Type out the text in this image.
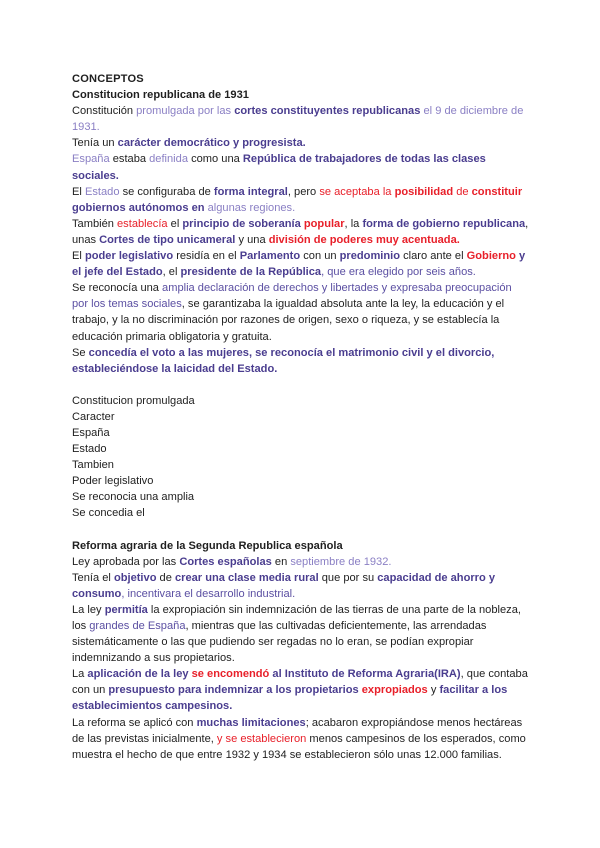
CONCEPTOS

Constitucion republicana de 1931

Constitución promulgada por las cortes constituyentes republicanas el 9 de diciembre de 1931.

Tenía un carácter democrático y progresista.

España estaba definida como una República de trabajadores de todas las clases sociales.

El Estado se configuraba de forma integral, pero se aceptaba la posibilidad de constituir gobiernos autónomos en algunas regiones.

También establecía el principio de soberanía popular, la forma de gobierno republicana, unas Cortes de tipo unicameral y una división de poderes muy acentuada.

El poder legislativo residía en el Parlamento con un predominio claro ante el Gobierno y el jefe del Estado, el presidente de la República, que era elegido por seis años.

Se reconocía una amplia declaración de derechos y libertades y expresaba preocupación por los temas sociales, se garantizaba la igualdad absoluta ante la ley, la educación y el trabajo, y la no discriminación por razones de origen, sexo o riqueza, y se establecía la educación primaria obligatoria y gratuita.

Se concedía el voto a las mujeres, se reconocía el matrimonio civil y el divorcio, estableciéndose la laicidad del Estado.

Constitucion promulgada

Caracter

España

Estado

Tambien

Poder legislativo

Se reconocia una amplia

Se concedia el

Reforma agraria de la Segunda Republica española

Ley aprobada por las Cortes españolas en septiembre de 1932.

Tenía el objetivo de crear una clase media rural que por su capacidad de ahorro y consumo, incentivara el desarrollo industrial.

La ley permitía la expropiación sin indemnización de las tierras de una parte de la nobleza, los grandes de España, mientras que las cultivadas deficientemente, las arrendadas sistemáticamente o las que pudiendo ser regadas no lo eran, se podían expropiar indemnizando a sus propietarios.

La aplicación de la ley se encomendó al Instituto de Reforma Agraria(IRA), que contaba con un presupuesto para indemnizar a los propietarios expropiados y facilitar a los establecimientos campesinos.

La reforma se aplicó con muchas limitaciones; acabaron expropiándose menos hectáreas de las previstas inicialmente, y se establecieron menos campesinos de los esperados, como muestra el hecho de que entre 1932 y 1934 se establecieron sólo unas 12.000 familias.
